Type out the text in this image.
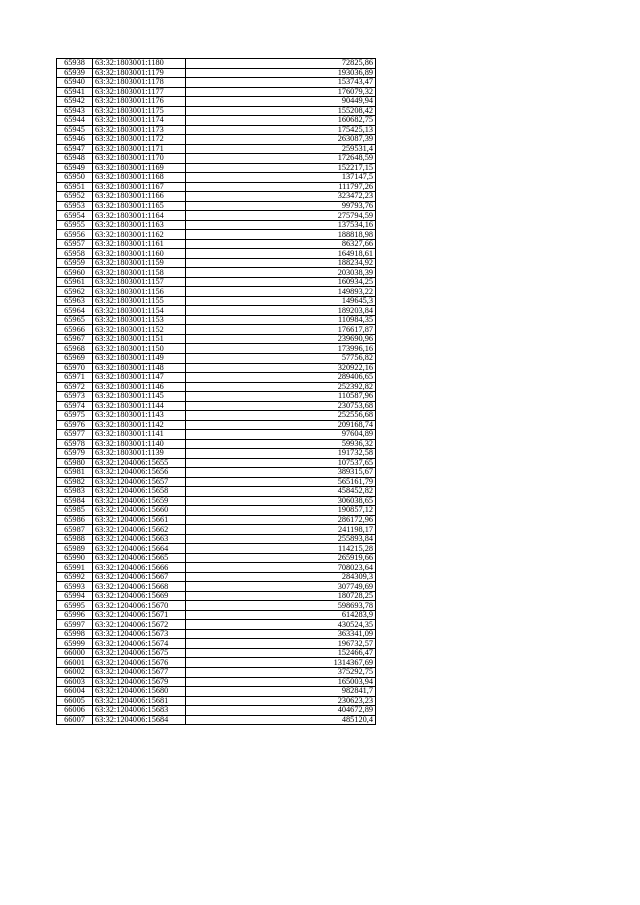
65938	63:32:1803001:1180	72825,86
65939	63:32:1803001:1179	193036,89
65940	63:32:1803001:1178	153743,47
65941	63:32:1803001:1177	176079,32
65942	63:32:1803001:1176	90449,94
65943	63:32:1803001:1175	155208,42
65944	63:32:1803001:1174	160682,75
65945	63:32:1803001:1173	175425,13
65946	63:32:1803001:1172	263087,39
65947	63:32:1803001:1171	259531,4
65948	63:32:1803001:1170	172648,59
65949	63:32:1803001:1169	152217,15
65950	63:32:1803001:1168	137147,5
65951	63:32:1803001:1167	111797,26
65952	63:32:1803001:1166	323472,23
65953	63:32:1803001:1165	99793,76
65954	63:32:1803001:1164	275794,59
65955	63:32:1803001:1163	137534,16
65956	63:32:1803001:1162	188818,98
65957	63:32:1803001:1161	86327,66
65958	63:32:1803001:1160	164918,61
65959	63:32:1803001:1159	188234,92
65960	63:32:1803001:1158	203038,39
65961	63:32:1803001:1157	160934,25
65962	63:32:1803001:1156	149893,22
65963	63:32:1803001:1155	149645,3
65964	63:32:1803001:1154	189203,84
65965	63:32:1803001:1153	110984,35
65966	63:32:1803001:1152	176617,87
65967	63:32:1803001:1151	239690,96
65968	63:32:1803001:1150	173996,16
65969	63:32:1803001:1149	57756,82
65970	63:32:1803001:1148	320922,16
65971	63:32:1803001:1147	289406,65
65972	63:32:1803001:1146	252392,82
65973	63:32:1803001:1145	110587,96
65974	63:32:1803001:1144	230753,68
65975	63:32:1803001:1143	252556,68
65976	63:32:1803001:1142	209168,74
65977	63:32:1803001:1141	97604,89
65978	63:32:1803001:1140	59936,32
65979	63:32:1803001:1139	191732,58
65980	63:32:1204006:15655	107537,65
65981	63:32:1204006:15656	389315,67
65982	63:32:1204006:15657	565161,79
65983	63:32:1204006:15658	458452,82
65984	63:32:1204006:15659	306038,65
65985	63:32:1204006:15660	190857,12
65986	63:32:1204006:15661	286172,96
65987	63:32:1204006:15662	241198,17
65988	63:32:1204006:15663	255893,84
65989	63:32:1204006:15664	114215,28
65990	63:32:1204006:15665	265919,66
65991	63:32:1204006:15666	708023,64
65992	63:32:1204006:15667	284309,3
65993	63:32:1204006:15668	307749,69
65994	63:32:1204006:15669	180728,25
65995	63:32:1204006:15670	598693,78
65996	63:32:1204006:15671	614283,9
65997	63:32:1204006:15672	430524,35
65998	63:32:1204006:15673	363341,09
65999	63:32:1204006:15674	196732,57
66000	63:32:1204006:15675	152466,47
66001	63:32:1204006:15676	1314367,69
66002	63:32:1204006:15677	375292,75
66003	63:32:1204006:15679	165003,94
66004	63:32:1204006:15680	982841,7
66005	63:32:1204006:15681	230623,23
66006	63:32:1204006:15683	404672,89
66007	63:32:1204006:15684	485120,4
